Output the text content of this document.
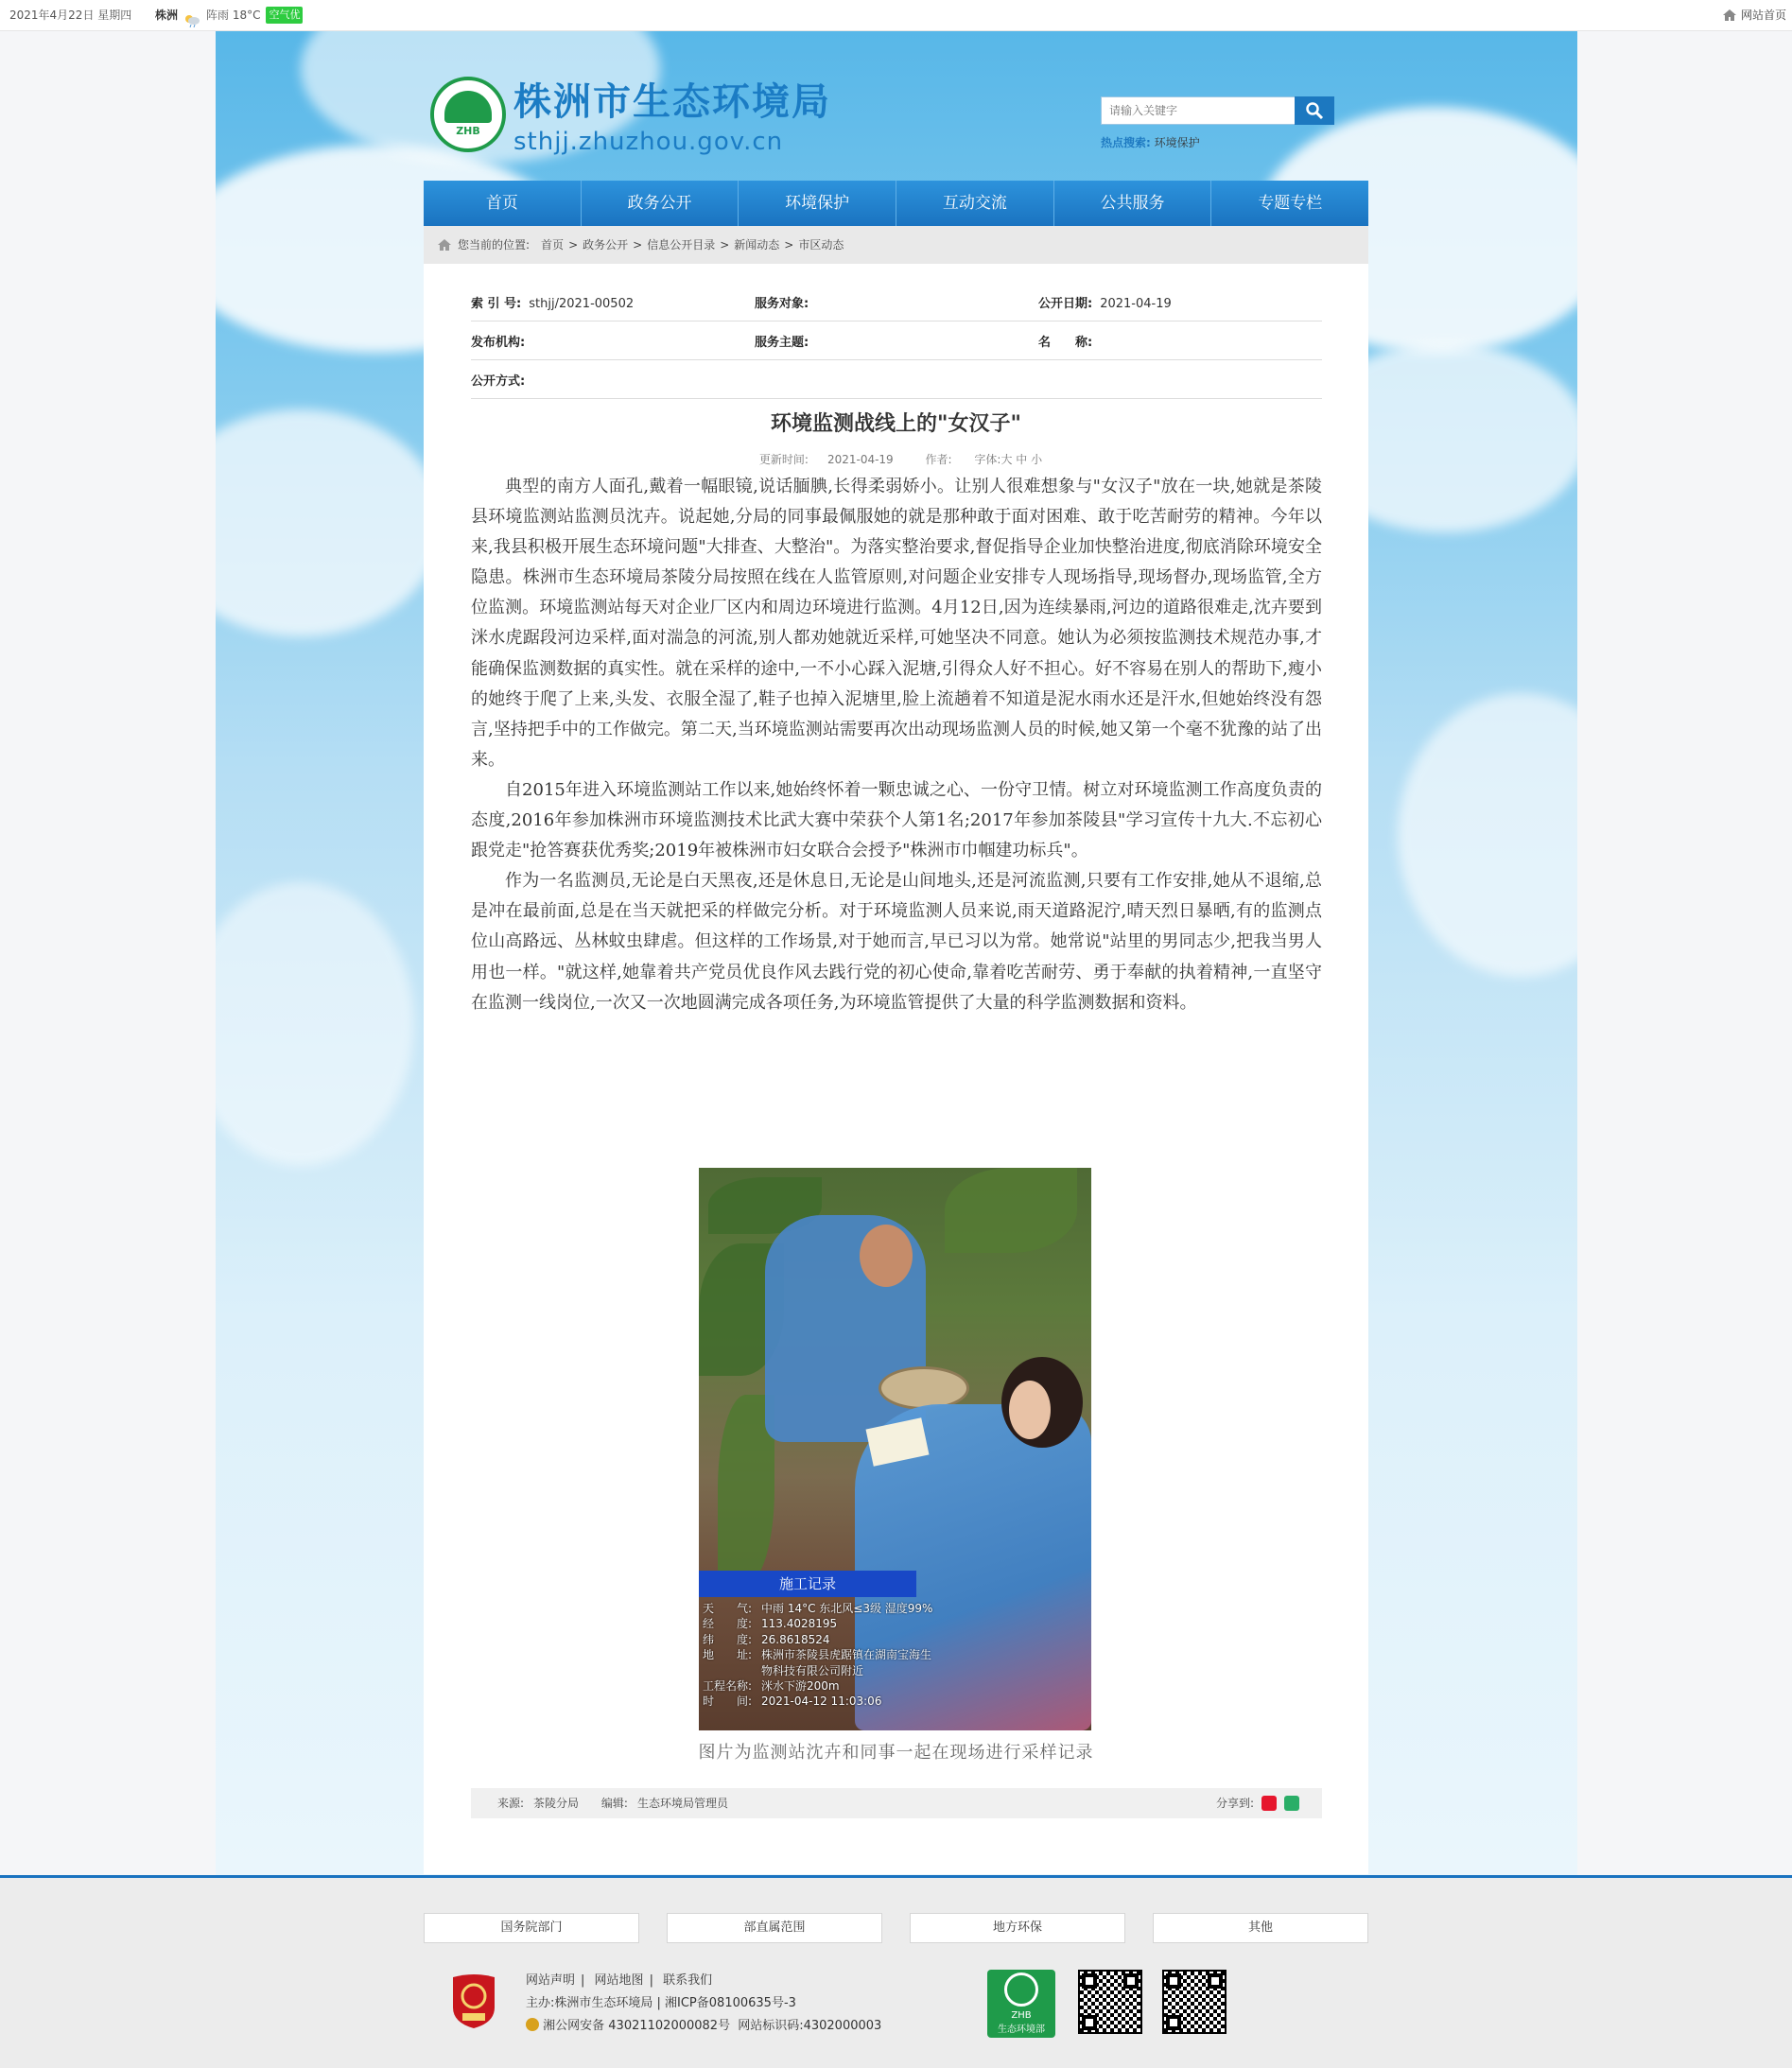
2021年4月22日 星期四 株洲	阵雨 18°C 空气优	网站首页
ZHB
株洲市生态环境局
sthjj.zhuzhou.gov.cn
请输入关键字	热点搜索: 环境保护
首页	政务公开	环境保护	互动交流	公共服务	专题专栏
您当前的位置: 首页 > 政务公开 > 信息公开目录 > 新闻动态 > 市区动态
索 引 号: sthjj/2021-00502	服务对象:	公开日期: 2021-04-19
发布机构:	服务主题:	名　　称:
公开方式:
环境监测战线上的"女汉子"
更新时间: 2021-04-19	作者: 字体:大 中 小

典型的南方人面孔,戴着一幅眼镜,说话腼腆,长得柔弱娇小。让别人很难想象与"女汉子"放在一块,她就是茶陵县环境监测站监测员沈卉。说起她,分局的同事最佩服她的就是那种敢于面对困难、敢于吃苦耐劳的精神。今年以来,我县积极开展生态环境问题"大排查、大整治"。为落实整治要求,督促指导企业加快整治进度,彻底消除环境安全隐患。株洲市生态环境局茶陵分局按照在线在人监管原则,对问题企业安排专人现场指导,现场督办,现场监管,全方位监测。环境监测站每天对企业厂区内和周边环境进行监测。4月12日,因为连续暴雨,河边的道路很难走,沈卉要到洣水虎踞段河边采样,面对湍急的河流,别人都劝她就近采样,可她坚决不同意。她认为必须按监测技术规范办事,才能确保监测数据的真实性。就在采样的途中,一不小心踩入泥塘,引得众人好不担心。好不容易在别人的帮助下,瘦小的她终于爬了上来,头发、衣服全湿了,鞋子也掉入泥塘里,脸上流趟着不知道是泥水雨水还是汗水,但她始终没有怨言,坚持把手中的工作做完。第二天,当环境监测站需要再次出动现场监测人员的时候,她又第一个毫不犹豫的站了出来。

自2015年进入环境监测站工作以来,她始终怀着一颗忠诚之心、一份守卫情。树立对环境监测工作高度负责的态度,2016年参加株洲市环境监测技术比武大赛中荣获个人第1名;2017年参加茶陵县"学习宣传十九大.不忘初心跟党走"抢答赛获优秀奖;2019年被株洲市妇女联合会授予"株洲市巾帼建功标兵"。

作为一名监测员,无论是白天黑夜,还是休息日,无论是山间地头,还是河流监测,只要有工作安排,她从不退缩,总是冲在最前面,总是在当天就把采的样做完分析。对于环境监测人员来说,雨天道路泥泞,晴天烈日暴晒,有的监测点位山高路远、丛林蚊虫肆虐。但这样的工作场景,对于她而言,早已习以为常。她常说"站里的男同志少,把我当男人用也一样。"就这样,她靠着共产党员优良作风去践行党的初心使命,靠着吃苦耐劳、勇于奉献的执着精神,一直坚守在监测一线岗位,一次又一次地圆满完成各项任务,为环境监管提供了大量的科学监测数据和资料。

施工记录
天　　气: 中雨 14°C 东北风≤3级 湿度99%
经　　度: 113.4028195
纬　　度: 26.8618524
地　　址: 株洲市茶陵县虎踞镇在湖南宝海生物科技有限公司附近
工程名称: 洣水下游200m
时　　间: 2021-04-12 11:03:06
图片为监测站沈卉和同事一起在现场进行采样记录
来源: 茶陵分局 编辑: 生态环境局管理员	分享到:
国务院部门	部直属范围	地方环保	其他
网站声明 | 网站地图 | 联系我们
主办:株洲市生态环境局 | 湘ICP备08100635号-3
湘公网安备 43021102000082号 网站标识码:4302000003
ZHB
生态环境部
